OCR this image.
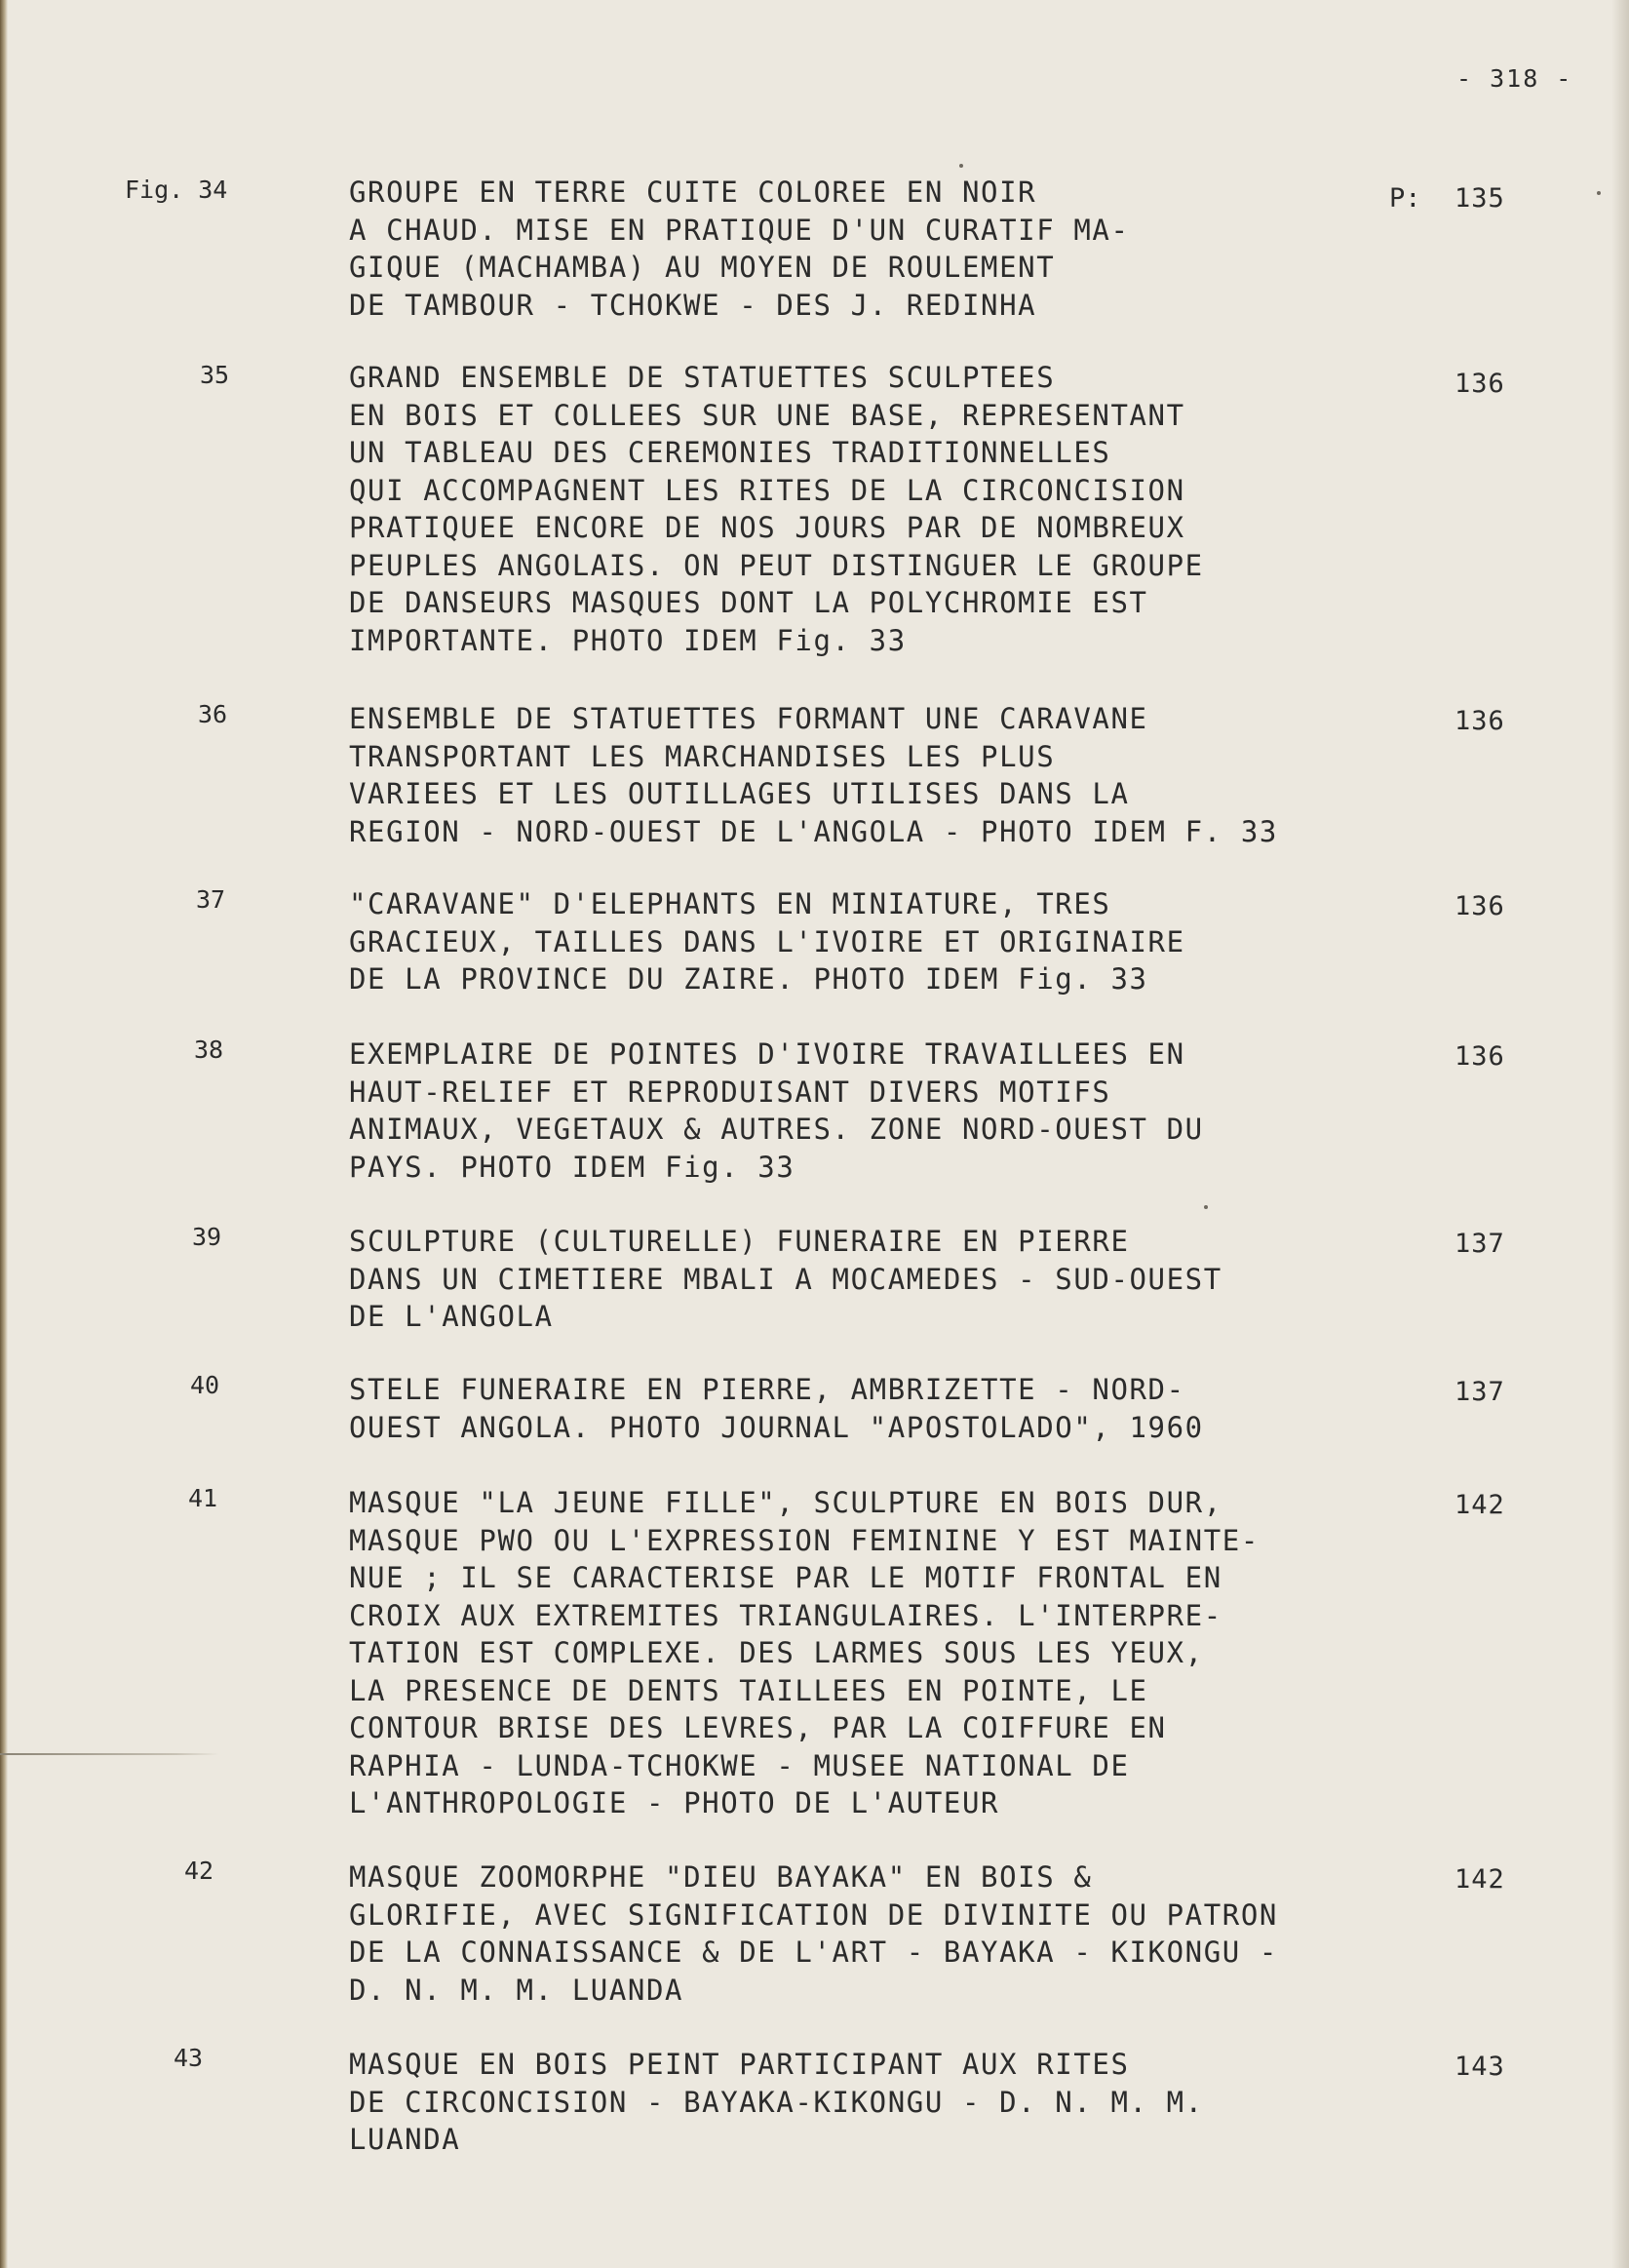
- 318 -
Fig. 34	GROUPE EN TERRE CUITE COLOREE EN NOIR
A CHAUD. MISE EN PRATIQUE D'UN CURATIF MA-
GIQUE (MACHAMBA) AU MOYEN DE ROULEMENT
DE TAMBOUR - TCHOKWE - DES J. REDINHA
P: 135
35	GRAND ENSEMBLE DE STATUETTES SCULPTEES
EN BOIS ET COLLEES SUR UNE BASE, REPRESENTANT
UN TABLEAU DES CEREMONIES TRADITIONNELLES
QUI ACCOMPAGNENT LES RITES DE LA CIRCONCISION
PRATIQUEE ENCORE DE NOS JOURS PAR DE NOMBREUX
PEUPLES ANGOLAIS. ON PEUT DISTINGUER LE GROUPE
DE DANSEURS MASQUES DONT LA POLYCHROMIE EST
IMPORTANTE. PHOTO IDEM Fig. 33
136
36	ENSEMBLE DE STATUETTES FORMANT UNE CARAVANE
TRANSPORTANT LES MARCHANDISES LES PLUS
VARIEES ET LES OUTILLAGES UTILISES DANS LA
REGION - NORD-OUEST DE L'ANGOLA - PHOTO IDEM F. 33
136
37	"CARAVANE" D'ELEPHANTS EN MINIATURE, TRES
GRACIEUX, TAILLES DANS L'IVOIRE ET ORIGINAIRE
DE LA PROVINCE DU ZAIRE. PHOTO IDEM Fig. 33
136
38	EXEMPLAIRE DE POINTES D'IVOIRE TRAVAILLEES EN
HAUT-RELIEF ET REPRODUISANT DIVERS MOTIFS
ANIMAUX, VEGETAUX & AUTRES. ZONE NORD-OUEST DU
PAYS. PHOTO IDEM Fig. 33
136
39	SCULPTURE (CULTURELLE) FUNERAIRE EN PIERRE
DANS UN CIMETIERE MBALI A MOCAMEDES - SUD-OUEST
DE L'ANGOLA
137
40	STELE FUNERAIRE EN PIERRE, AMBRIZETTE - NORD-
OUEST ANGOLA. PHOTO JOURNAL "APOSTOLADO", 1960
137
41	MASQUE "LA JEUNE FILLE", SCULPTURE EN BOIS DUR,
MASQUE PWO OU L'EXPRESSION FEMININE Y EST MAINTE-
NUE ; IL SE CARACTERISE PAR LE MOTIF FRONTAL EN
CROIX AUX EXTREMITES TRIANGULAIRES. L'INTERPRE-
TATION EST COMPLEXE. DES LARMES SOUS LES YEUX,
LA PRESENCE DE DENTS TAILLEES EN POINTE, LE
CONTOUR BRISE DES LEVRES, PAR LA COIFFURE EN
RAPHIA - LUNDA-TCHOKWE - MUSEE NATIONAL DE
L'ANTHROPOLOGIE - PHOTO DE L'AUTEUR
142
42	MASQUE ZOOMORPHE "DIEU BAYAKA" EN BOIS &
GLORIFIE, AVEC SIGNIFICATION DE DIVINITE OU PATRON
DE LA CONNAISSANCE & DE L'ART - BAYAKA - KIKONGU -
D. N. M. M. LUANDA
142
43	MASQUE EN BOIS PEINT PARTICIPANT AUX RITES
DE CIRCONCISION - BAYAKA-KIKONGU - D. N. M. M.
LUANDA
143
